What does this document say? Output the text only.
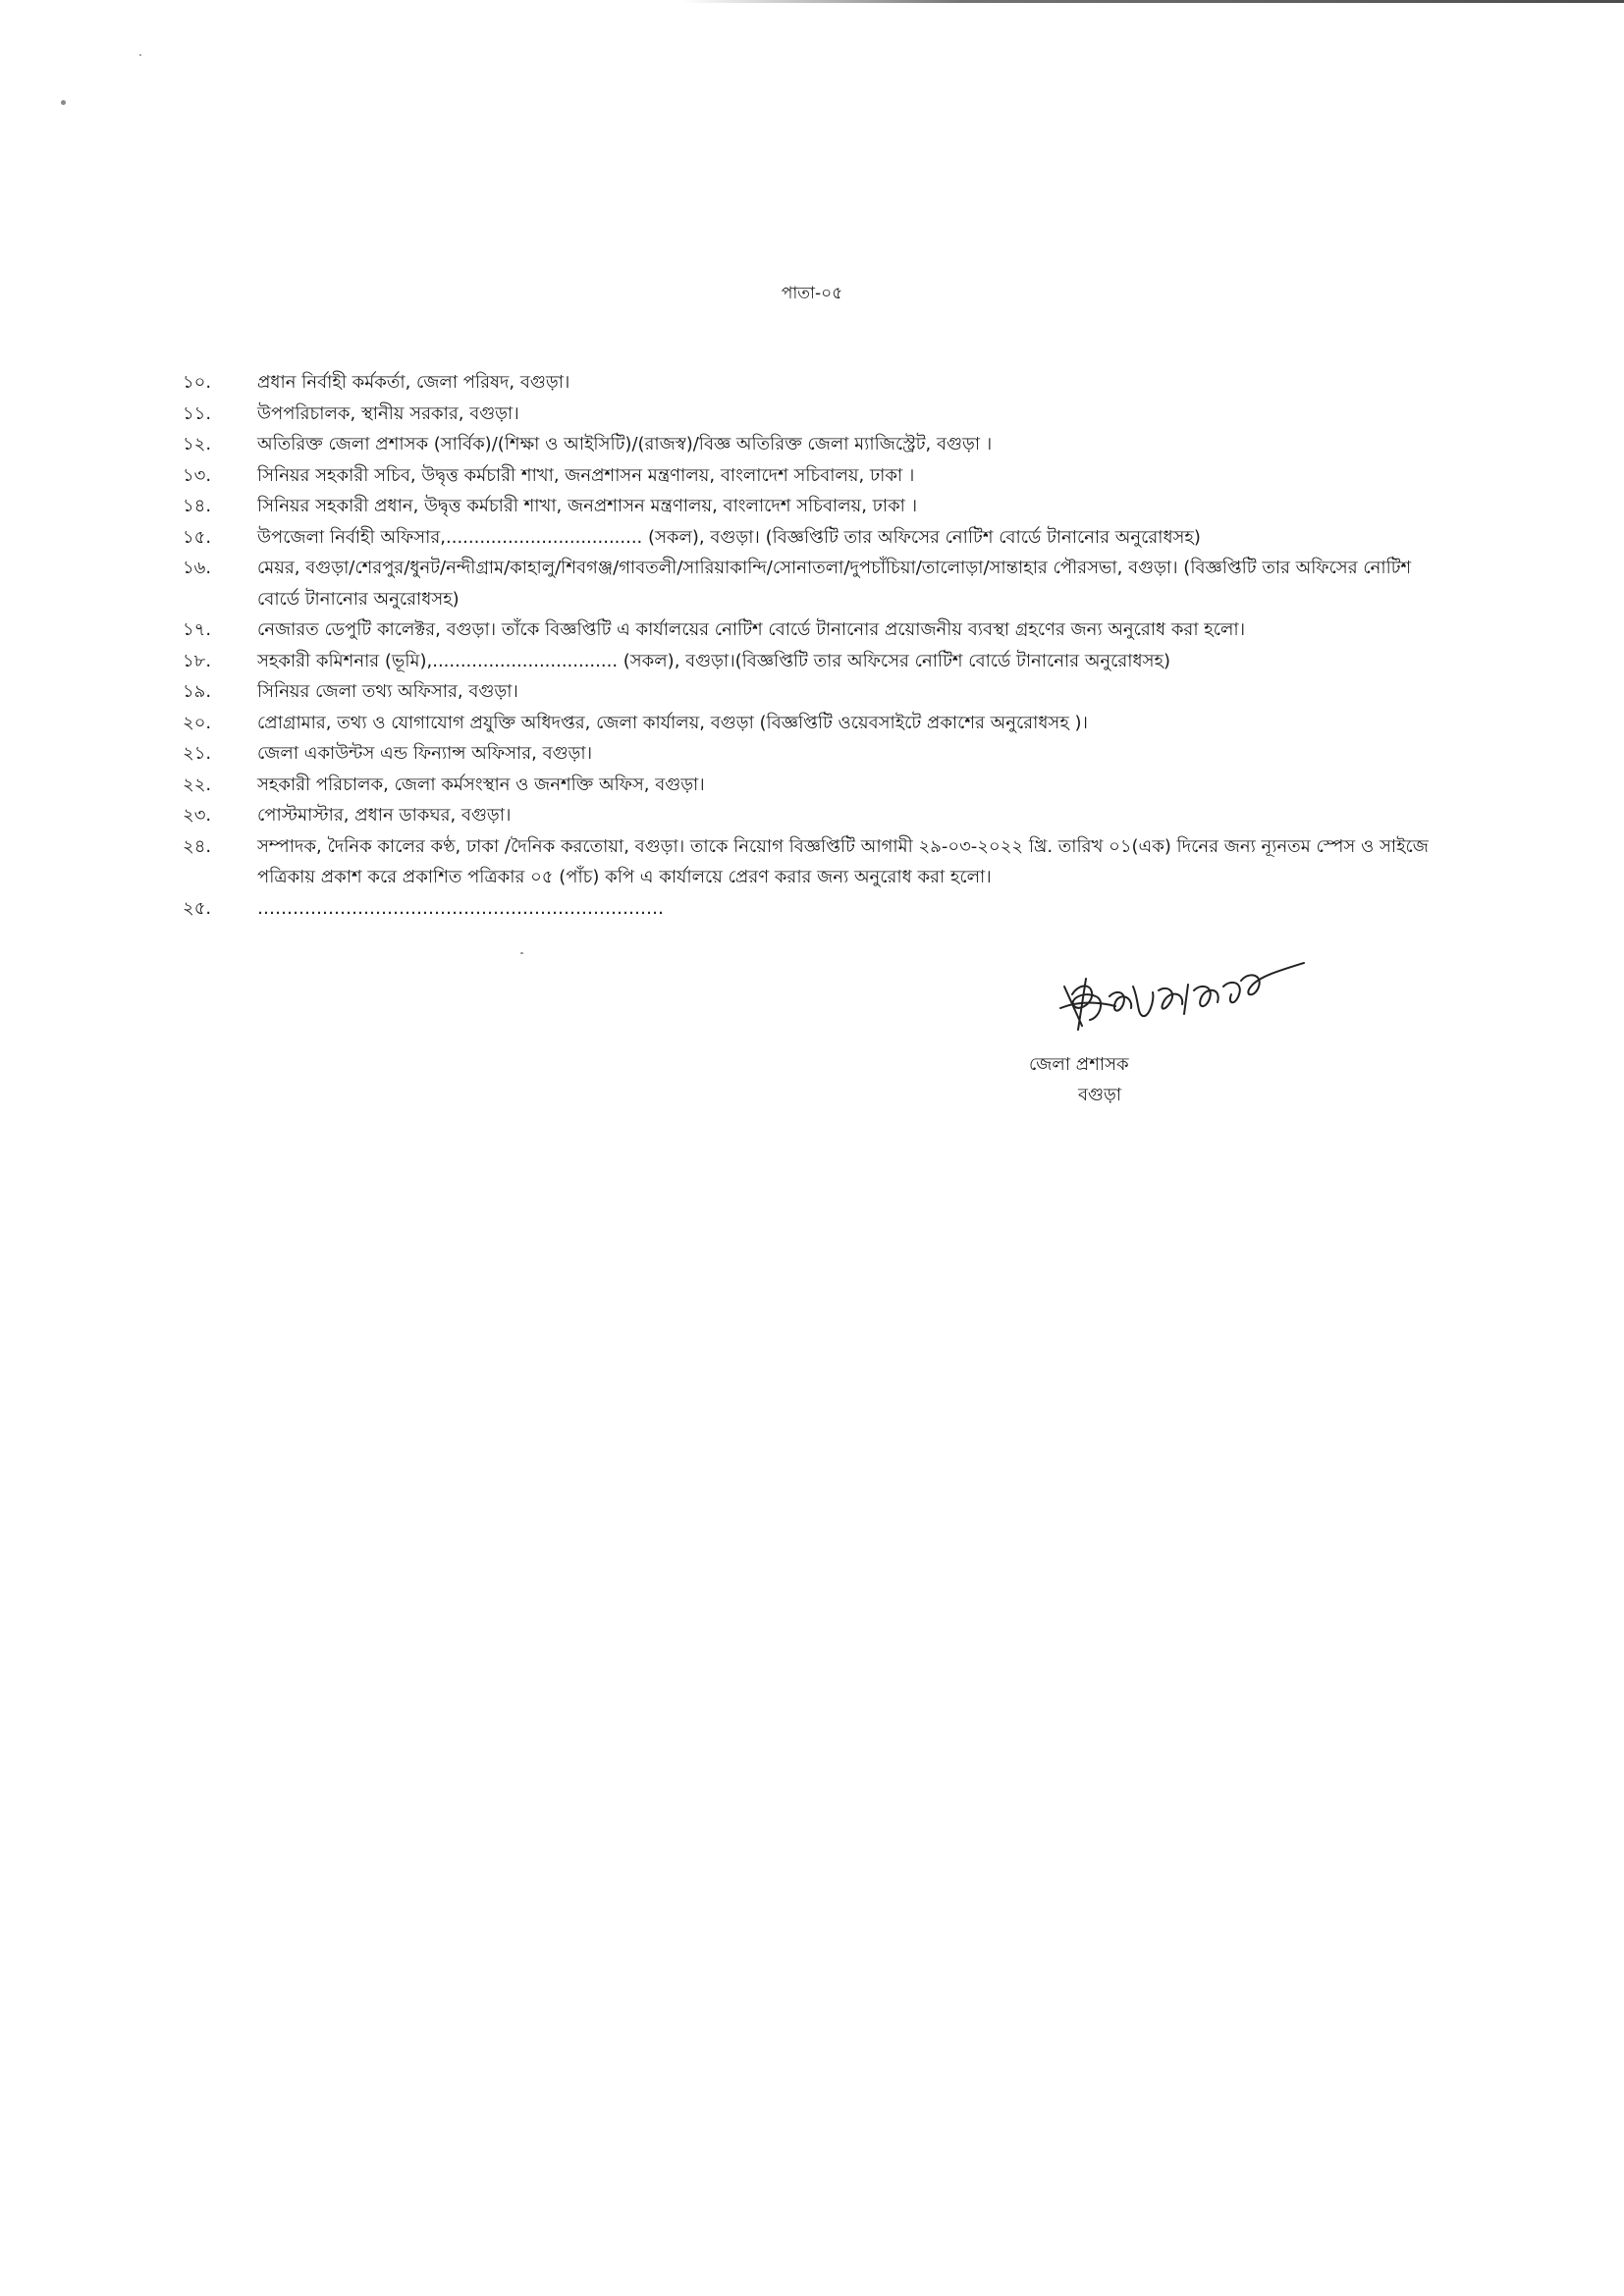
পাতা-০৫
১০.	প্রধান নির্বাহী কর্মকর্তা, জেলা পরিষদ, বগুড়া।
১১.	উপপরিচালক, স্থানীয় সরকার, বগুড়া।
১২.	অতিরিক্ত জেলা প্রশাসক (সার্বিক)/(শিক্ষা ও আইসিটি)/(রাজস্ব)/বিজ্ঞ অতিরিক্ত জেলা ম্যাজিস্ট্রেট, বগুড়া ।
১৩.	সিনিয়র সহকারী সচিব, উদ্বৃত্ত কর্মচারী শাখা, জনপ্রশাসন মন্ত্রণালয়, বাংলাদেশ সচিবালয়, ঢাকা ।
১৪.	সিনিয়র সহকারী প্রধান, উদ্বৃত্ত কর্মচারী শাখা, জনপ্রশাসন মন্ত্রণালয়, বাংলাদেশ সচিবালয়, ঢাকা ।
১৫.	উপজেলা নির্বাহী অফিসার,................................... (সকল), বগুড়া। (বিজ্ঞপ্তিটি তার অফিসের নোটিশ বোর্ডে টানানোর অনুরোধসহ)
১৬.	মেয়র, বগুড়া/শেরপুর/ধুনট/নন্দীগ্রাম/কাহালু/শিবগঞ্জ/গাবতলী/সারিয়াকান্দি/সোনাতলা/দুপচাঁচিয়া/তালোড়া/সান্তাহার পৌরসভা, বগুড়া। (বিজ্ঞপ্তিটি তার অফিসের নোটিশ বোর্ডে টানানোর অনুরোধসহ)
১৭.	নেজারত ডেপুটি কালেক্টর, বগুড়া। তাঁকে বিজ্ঞপ্তিটি এ কার্যালয়ের নোটিশ বোর্ডে টানানোর প্রয়োজনীয় ব্যবস্থা গ্রহণের জন্য অনুরোধ করা হলো।
১৮.	সহকারী কমিশনার (ভূমি),................................. (সকল), বগুড়া।(বিজ্ঞপ্তিটি তার অফিসের নোটিশ বোর্ডে টানানোর অনুরোধসহ)
১৯.	সিনিয়র জেলা তথ্য অফিসার, বগুড়া।
২০.	প্রোগ্রামার, তথ্য ও যোগাযোগ প্রযুক্তি অধিদপ্তর, জেলা কার্যালয়, বগুড়া (বিজ্ঞপ্তিটি ওয়েবসাইটে প্রকাশের অনুরোধসহ )।
২১.	জেলা একাউন্টস এন্ড ফিন্যান্স অফিসার, বগুড়া।
২২.	সহকারী পরিচালক, জেলা কর্মসংস্থান ও জনশক্তি অফিস, বগুড়া।
২৩.	পোস্টমাস্টার, প্রধান ডাকঘর, বগুড়া।
২৪.	সম্পাদক, দৈনিক কালের কণ্ঠ, ঢাকা /দৈনিক করতোয়া, বগুড়া। তাকে নিয়োগ বিজ্ঞপ্তিটি আগামী ২৯-০৩-২০২২ খ্রি. তারিখ ০১(এক) দিনের জন্য ন্যূনতম স্পেস ও সাইজে পত্রিকায় প্রকাশ করে প্রকাশিত পত্রিকার ০৫ (পাঁচ) কপি এ কার্যালয়ে প্রেরণ করার জন্য অনুরোধ করা হলো।
২৫.	……………………………………………………………
জেলা প্রশাসক
বগুড়া
